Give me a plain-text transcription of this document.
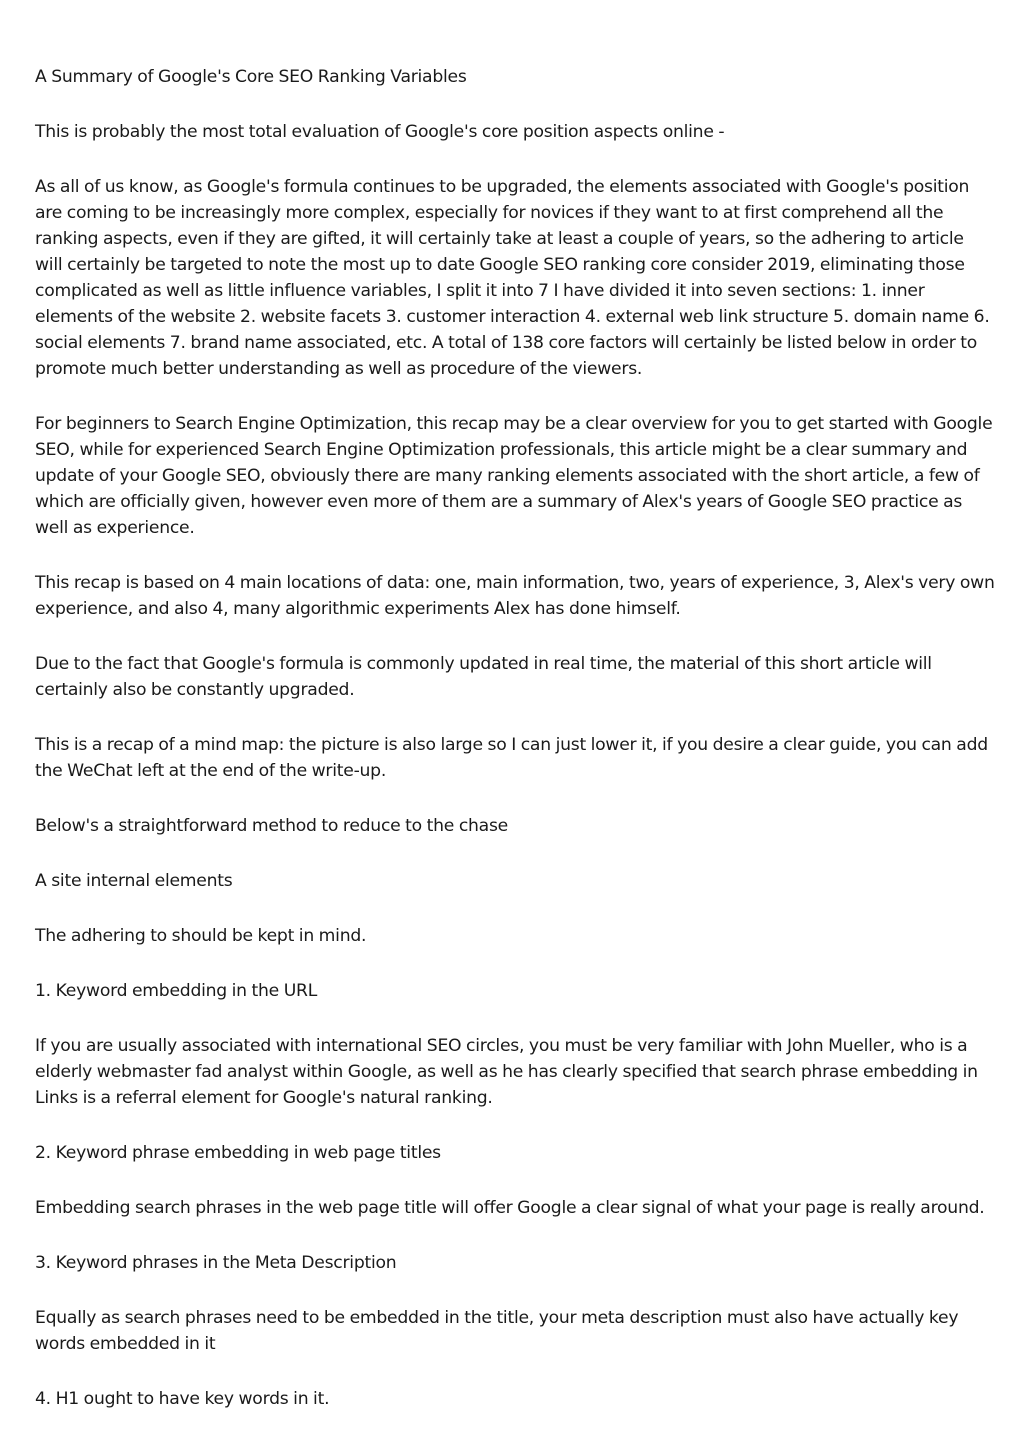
A Summary of Google's Core SEO Ranking Variables

This is probably the most total evaluation of Google's core position aspects online -

As all of us know, as Google's formula continues to be upgraded, the elements associated with Google's position are coming to be increasingly more complex, especially for novices if they want to at first comprehend all the ranking aspects, even if they are gifted, it will certainly take at least a couple of years, so the adhering to article will certainly be targeted to note the most up to date Google SEO ranking core consider 2019, eliminating those complicated as well as little influence variables, I split it into 7 I have divided it into seven sections: 1. inner elements of the website 2. website facets 3. customer interaction 4. external web link structure 5. domain name 6. social elements 7. brand name associated, etc. A total of 138 core factors will certainly be listed below in order to promote much better understanding as well as procedure of the viewers.

For beginners to Search Engine Optimization, this recap may be a clear overview for you to get started with Google SEO, while for experienced Search Engine Optimization professionals, this article might be a clear summary and update of your Google SEO, obviously there are many ranking elements associated with the short article, a few of which are officially given, however even more of them are a summary of Alex's years of Google SEO practice as well as experience.

This recap is based on 4 main locations of data: one, main information, two, years of experience, 3, Alex's very own experience, and also 4, many algorithmic experiments Alex has done himself.

Due to the fact that Google's formula is commonly updated in real time, the material of this short article will certainly also be constantly upgraded.

This is a recap of a mind map: the picture is also large so I can just lower it, if you desire a clear guide, you can add the WeChat left at the end of the write-up.

Below's a straightforward method to reduce to the chase

A site internal elements

The adhering to should be kept in mind.

1. Keyword embedding in the URL

If you are usually associated with international SEO circles, you must be very familiar with John Mueller, who is a elderly webmaster fad analyst within Google, as well as he has clearly specified that search phrase embedding in Links is a referral element for Google's natural ranking.

2. Keyword phrase embedding in web page titles

Embedding search phrases in the web page title will offer Google a clear signal of what your page is really around.

3. Keyword phrases in the Meta Description

Equally as search phrases need to be embedded in the title, your meta description must also have actually key words embedded in it

4. H1 ought to have key words in it.
